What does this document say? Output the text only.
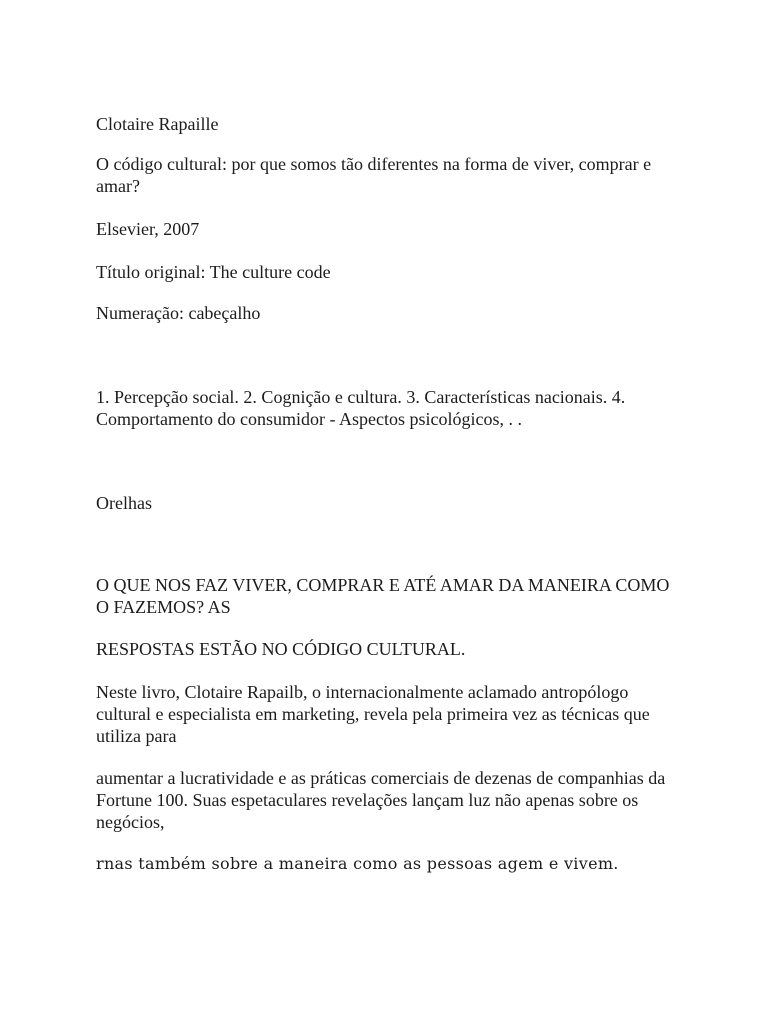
Clotaire Rapaille

O código cultural: por que somos tão diferentes na forma de viver, comprar e amar?

Elsevier, 2007

Título original: The culture code

Numeração: cabeçalho

1. Percepção social. 2. Cognição e cultura. 3. Características nacionais. 4. Comportamento do consumidor - Aspectos psicológicos, . .

Orelhas

O QUE NOS FAZ VIVER, COMPRAR E ATÉ AMAR DA MANEIRA COMO O FAZEMOS? AS

RESPOSTAS ESTÃO NO CÓDIGO CULTURAL.

Neste livro, Clotaire Rapailb, o internacionalmente aclamado antropólogo cultural e especialista em marketing, revela pela primeira vez as técnicas que utiliza para

aumentar a lucratividade e as práticas comerciais de dezenas de companhias da Fortune 100. Suas espetaculares revelações lançam luz não apenas sobre os negócios,

rnas também sobre a maneira como as pessoas agem e vivem.
